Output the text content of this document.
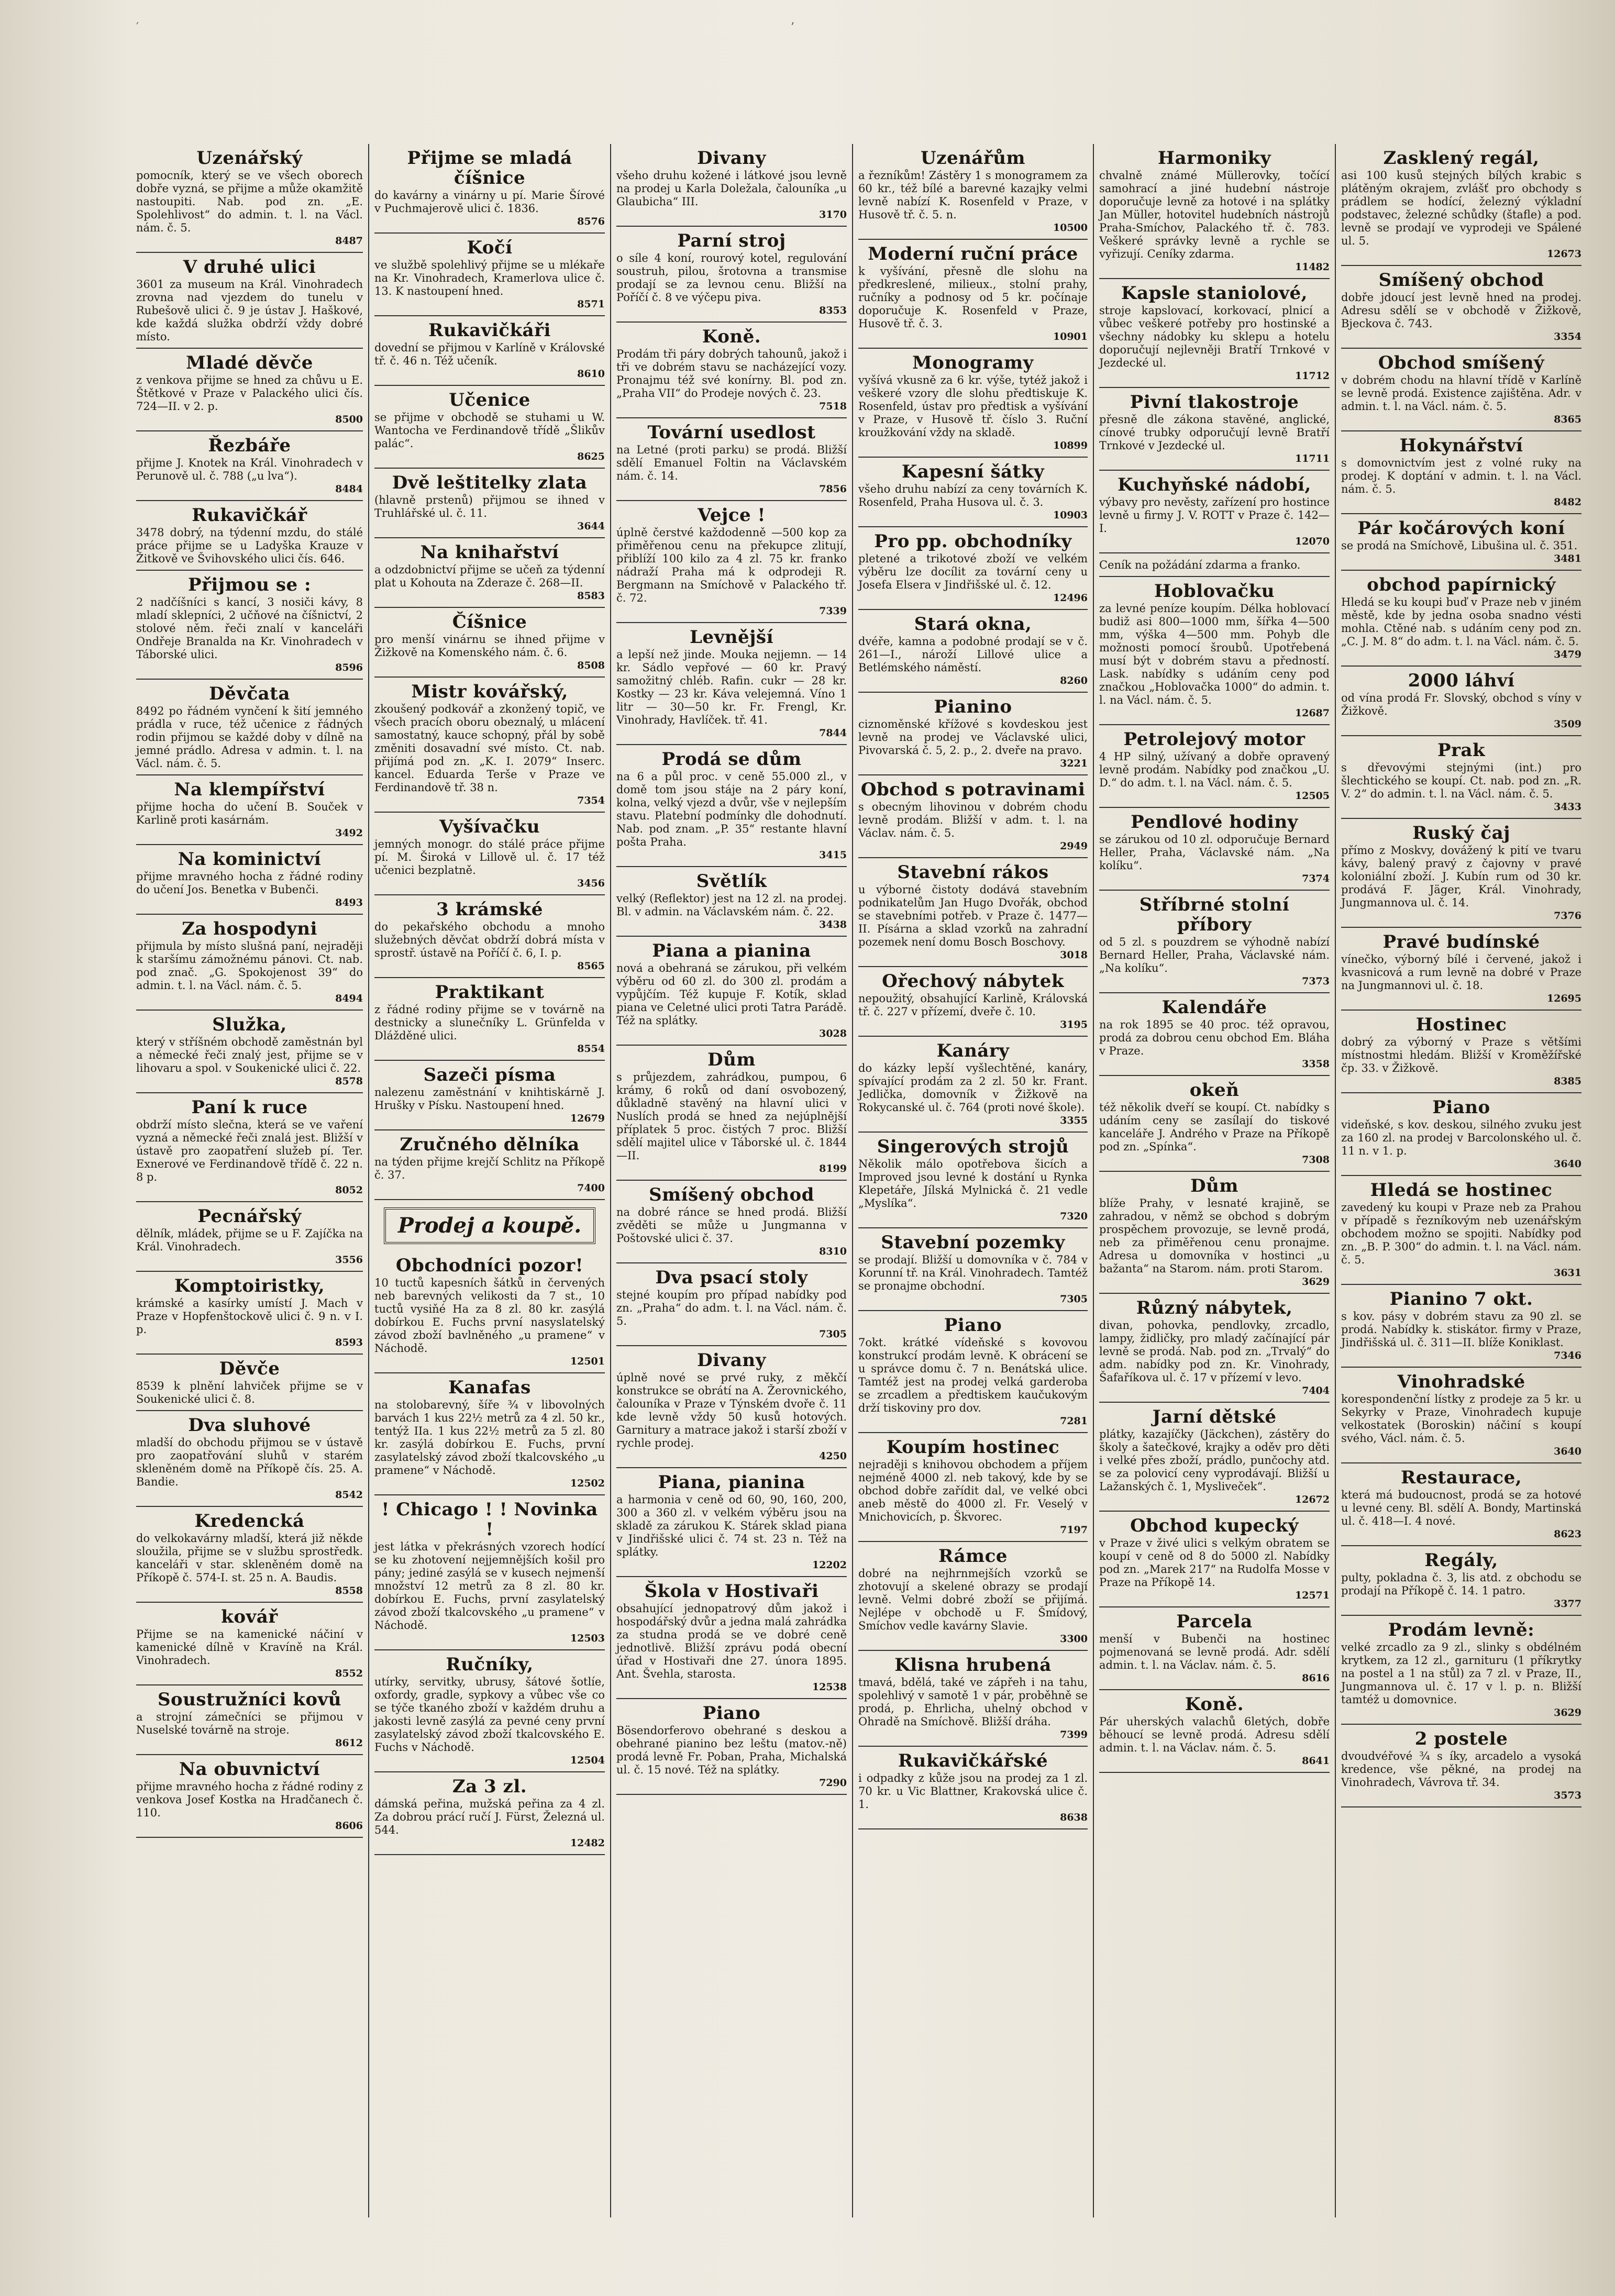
′	’
Uzenářský

pomocník, který se ve všech oborech dobře vyzná, se přijme a může okamžitě nastoupiti. Nab. pod zn. „E. Spolehlivost“ do admin. t. l. na Václ. nám. č. 5.

8487
V druhé ulici

3601 za museum na Král. Vinohradech zrovna nad vjezdem do tunelu v Rubešově ulici č. 9 je ústav J. Haškové, kde každá služka obdrží vždy dobré místo.

Mladé děvče

z venkova přijme se hned za chůvu u E. Štětkové v Praze v Palackého ulici čís. 724—II. v 2. p.

8500
Řezbáře

přijme J. Knotek na Král. Vinohradech v Perunově ul. č. 788 („u lva“).

8484
Rukavičkář

3478 dobrý, na týdenní mzdu, do stálé práce přijme se u Ladyška Krauze v Žitkově ve Švihovského ulici čís. 646.

Přijmou se :

2 nadčíšníci s kancí, 3 nosiči kávy, 8 mladí sklepníci, 2 učňové na číšnictví, 2 stolové něm. řeči znalí v kanceláři Ondřeje Branalda na Kr. Vinohradech v Táborské ulici.

8596
Děvčata

8492 po řádném vynčení k šití jemného prádla v ruce, též učenice z řádných rodin přijmou se každé doby v dílně na jemné prádlo. Adresa v admin. t. l. na Václ. nám. č. 5.

Na klempířství

přijme hocha do učení B. Souček v Karlině proti kasárnám.

3492
Na kominictví

přijme mravného hocha z řádné rodiny do učení Jos. Benetka v Bubenči.

8493
Za hospodyni

přijmula by místo slušná paní, nejraději k staršímu zámožnému pánovi. Ct. nab. pod znač. „G. Spokojenost 39“ do admin. t. l. na Václ. nám. č. 5.

8494
Služka,

který v stříšném obchodě zaměstnán byl a německé řeči znalý jest, přijme se v lihovaru a spol. v Soukenické ulici č. 22.

8578
Paní k ruce

obdrží místo slečna, která se ve vaření vyzná a německé řeči znalá jest. Bližší v ústavě pro zaopatření služeb pí. Ter. Exnerové ve Ferdinandově třídě č. 22 n. 8 p.

8052
Pecnářský

dělník, mládek, přijme se u F. Zajíčka na Král. Vinohradech.

3556
Komptoiristky,

krámské a kasírky umístí J. Mach v Praze v Hopfenštockově ulici č. 9 n. v I. p.

8593
Děvče

8539 k plnění lahviček přijme se v Soukenické ulici č. 8.

Dva sluhové

mladší do obchodu přijmou se v ústavě pro zaopatřování sluhů v starém skleněném domě na Příkopě čís. 25. A. Bandie.

8542
Kredencká

do velkokavárny mladší, která již někde sloužila, přijme se v službu sprostředk. kanceláři v star. skleněném domě na Příkopě č. 574-I. st. 25 n. A. Baudis.

8558
kovář

Přijme se na kamenické náčiní v kamenické dílně v Kravíně na Král. Vinohradech.

8552
Soustružníci kovů

a strojní zámečníci se přijmou v Nuselské továrně na stroje.

8612
Na obuvnictví

přijme mravného hocha z řádné rodiny z venkova Josef Kostka na Hradčanech č. 110.

8606
Přijme se mladá číšnice

do kavárny a vinárny u pí. Marie Šírové v Puchmajerově ulici č. 1836.

8576
Kočí

ve službě spolehlivý přijme se u mlékaře na Kr. Vinohradech, Kramerlova ulice č. 13. K nastoupení hned.

8571
Rukavičkáři

dovední se přijmou v Karlíně v Královské tř. č. 46 n. Též učeník.

8610
Učenice

se přijme v obchodě se stuhami u W. Wantocha ve Ferdinandově třídě „Šlikův palác“.

8625
Dvě leštitelky zlata

(hlavně prstenů) přijmou se ihned v Truhlářské ul. č. 11.

3644
Na knihařství

a odzdobnictví přijme se učeň za týdenní plat u Kohouta na Zderaze č. 268—II.

8583
Číšnice

pro menší vinárnu se ihned přijme v Žižkově na Komenského nám. č. 6.

8508
Mistr kovářský,

zkoušený podkovář a zkonžený topič, ve všech pracích oboru obeznalý, u mlácení samostatný, kauce schopný, přál by sobě změniti dosavadní své místo. Ct. nab. přijímá pod zn. „K. I. 2079“ Inserc. kancel. Eduarda Terše v Praze ve Ferdinandově tř. 38 n.

7354
Vyšívačku

jemných monogr. do stálé práce přijme pí. M. Široká v Lillově ul. č. 17 též učenici bezplatně.

3456
3 krámské

do pekařského obchodu a mnoho služebných děvčat obdrží dobrá místa v sprostř. ústavě na Poříčí č. 6, I. p.

8565
Praktikant

z řádné rodiny přijme se v továrně na destnicky a slunečníky L. Grünfelda v Dlážděné ulici.

8554
Sazeči písma

nalezenu zaměstnání v knihtiskárně J. Hrušky v Písku. Nastoupení hned.

12679
Zručného dělníka

na týden přijme krejčí Schlitz na Příkopě č. 37.

7400
Prodej a koupě.
Obchodníci pozor!

10 tuctů kapesních šátků in červených neb barevných velikosti da 7 st., 10 tuctů vysiňé Ha za 8 zl. 80 kr. zasýlá dobírkou E. Fuchs první nasyslatelský závod zboží bavlněného „u pramene“ v Náchodě.

12501
Kanafas

na stolobarevný, šíře ¾ v libovolných barvách 1 kus 22½ metrů za 4 zl. 50 kr., tentýž IIa. 1 kus 22½ metrů za 5 zl. 80 kr. zasýlá dobírkou E. Fuchs, první zasylatelský závod zboží tkalcovského „u pramene“ v Náchodě.

12502
! Chicago ! ! Novinka !

jest látka v překrásných vzorech hodící se ku zhotovení nejjemnějších košil pro pány; jediné zasýlá se v kusech nejmenší množství 12 metrů za 8 zl. 80 kr. dobírkou E. Fuchs, první zasylatelský závod zboží tkalcovského „u pramene“ v Náchodě.

12503
Ručníky,

utírky, servitky, ubrusy, šátové šotlíe, oxfordy, gradle, sypkovy a vůbec vše co se týče tkaného zboží v každém druhu a jakosti levně zasýlá za pevné ceny první zasylatelský závod zboží tkalcovského E. Fuchs v Náchodě.

12504
Za 3 zl.

dámská peřina, mužská peřina za 4 zl. Za dobrou prácí ručí J. Fürst, Železná ul. 544.

12482
Divany

všeho druhu kožené i látkové jsou levně na prodej u Karla Doležala, čalouníka „u Glaubicha“ III.

3170
Parní stroj

o síle 4 koní, rourový kotel, regulování soustruh, pilou, šrotovna a transmise prodají se za levnou cenu. Bližší na Poříčí č. 8 ve výčepu piva.

8353
Koně.

Prodám tři páry dobrých tahounů, jakož i tři ve dobrém stavu se nacházející vozy. Pronajmu též své konírny. Bl. pod zn. „Praha VII“ do Prodeje nových č. 23.

7518
Tovární usedlost

na Letné (proti parku) se prodá. Bližší sdělí Emanuel Foltin na Václavském nám. č. 14.

7856
Vejce !

úplně čerstvé každodenně —500 kop za přiměřenou cenu na překupce zlitují, přiblíží 100 kilo za 4 zl. 75 kr. franko nádraží Praha má k odprodeji R. Bergmann na Smíchově v Palackého tř. č. 72.

7339
Levnější

a lepší než jinde. Mouka nejjemn. — 14 kr. Sádlo vepřové — 60 kr. Pravý samožitný chléb. Rafin. cukr — 28 kr. Kostky — 23 kr. Káva velejemná. Víno 1 litr — 30—50 kr. Fr. Frengl, Kr. Vinohrady, Havlíček. tř. 41.

7844
Prodá se dům

na 6 a půl proc. v ceně 55.000 zl., v domě tom jsou stáje na 2 páry koní, kolna, velký vjezd a dvůr, vše v nejlepším stavu. Platební podmínky dle dohodnutí. Nab. pod znam. „P. 35“ restante hlavní pošta Praha.

3415
Světlík

velký (Reflektor) jest na 12 zl. na prodej. Bl. v admin. na Václavském nám. č. 22.

3438
Piana a pianina

nová a obehraná se zárukou, při velkém výběru od 60 zl. do 300 zl. prodám a vypůjčím. Též kupuje F. Kotík, sklad piana ve Celetné ulici proti Tatra Parádě. Též na splátky.

3028
Dům

s průjezdem, zahrádkou, pumpou, 6 krámy, 6 roků od daní osvobozený, důkladně stavěný na hlavní ulici v Nuslích prodá se hned za nejúplnější příplatek 5 proc. čistých 7 proc. Bližší sdělí majitel ulice v Táborské ul. č. 1844—II.

8199
Smíšený obchod

na dobré ránce se hned prodá. Bližší zvěděti se může u Jungmanna v Poštovské ulici č. 37.

8310
Dva psací stoly

stejné koupím pro případ nabídky pod zn. „Praha“ do adm. t. l. na Václ. nám. č. 5.

7305
Divany

úplně nové se prvé ruky, z měkčí konstrukce se obrátí na A. Žerovnického, čalouníka v Praze v Týnském dvoře č. 11 kde levně vždy 50 kusů hotových. Garnitury a matrace jakož i starší zboží v rychle prodej.

4250
Piana, pianina

a harmonia v ceně od 60, 90, 160, 200, 300 a 360 zl. v velkém výběru jsou na skladě za zárukou K. Stárek sklad piana v Jindřišské ulici č. 74 st. 23 n. Též na splátky.

12202
Škola v Hostivaři

obsahující jednopatrový dům jakož i hospodářský dvůr a jedna malá zahrádka za studna prodá se ve dobré ceně jednotlivě. Bližší zprávu podá obecní úřad v Hostivaři dne 27. února 1895. Ant. Švehla, starosta.

12538
Piano

Bösendorferovo obehrané s deskou a obehrané pianino bez leštu (matov.-ně) prodá levně Fr. Poban, Praha, Michalská ul. č. 15 nové. Též na splátky.

7290
Uzenářům

a řezníkům! Zástěry 1 s monogramem za 60 kr., též bílé a barevné kazajky velmi levně nabízí K. Rosenfeld v Praze, v Husově tř. č. 5. n.

10500
Moderní ruční práce

k vyšívání, přesně dle slohu na předkreslené, milieux., stolní prahy, ručníky a podnosy od 5 kr. počínaje doporučuje K. Rosenfeld v Praze, Husově tř. č. 3.

10901
Monogramy

vyšívá vkusně za 6 kr. výše, tytéž jakož i veškeré vzory dle slohu předtiskuje K. Rosenfeld, ústav pro předtisk a vyšívání v Praze, v Husově tř. číslo 3. Ruční kroužkování vždy na skladě.

10899
Kapesní šátky

všeho druhu nabízí za ceny továrních K. Rosenfeld, Praha Husova ul. č. 3.

10903
Pro pp. obchodníky

pletené a trikotové zboží ve velkém výběru lze docílit za tovární ceny u Josefa Elsera v Jindřišské ul. č. 12.

12496
Stará okna,

dvéře, kamna a podobné prodají se v č. 261—I., nároží Lillové ulice a Betlémského náměstí.

8260
Pianino

ciznoměnské křížové s kovdeskou jest levně na prodej ve Václavské ulici, Pivovarská č. 5, 2. p., 2. dveře na pravo.

3221
Obchod s potravinami

s obecným lihovinou v dobrém chodu levně prodám. Bližší v adm. t. l. na Václav. nám. č. 5.

2949
Stavební rákos

u výborné čistoty dodává stavebním podnikatelům Jan Hugo Dvořák, obchod se stavebními potřeb. v Praze č. 1477—II. Písárna a sklad vzorků na zahradní pozemek není domu Bosch Boschovy.

3018
Ořechový nábytek

nepoužitý, obsahující Karlině, Královská tř. č. 227 v přízemí, dveře č. 10.

3195
Kanáry

do kázky lepší vyšlechtěné, kanáry, spívající prodám za 2 zl. 50 kr. Frant. Jedlička, domovník v Žižkově na Rokycanské ul. č. 764 (proti nové škole).

3355
Singerových strojů

Několik málo opotřebova šicích a Improved jsou levné k dostání u Rynka Klepetáře, Jílská Mylnická č. 21 vedle „Myslíka“.

7320
Stavební pozemky

se prodají. Bližší u domovníka v č. 784 v Korunní tř. na Král. Vinohradech. Tamtéž se pronajme obchodní.

7305
Piano

7okt. krátké vídeňské s kovovou konstrukcí prodám levně. K obrácení se u správce domu č. 7 n. Benátská ulice. Tamtéž jest na prodej velká garderoba se zrcadlem a předtiskem kaučukovým drží tiskoviny pro dov.

7281
Koupím hostinec

nejraději s knihovou obchodem a příjem nejméně 4000 zl. neb takový, kde by se obchod dobře zařídit dal, ve velké obci aneb městě do 4000 zl. Fr. Veselý v Mnichovicích, p. Škvorec.

7197
Rámce

dobré na nejhrnmejších vzorků se zhotovují a skelené obrazy se prodají levně. Velmi dobré zboží se přijímá. Nejlépe v obchodě u F. Šmídový, Smíchov vedle kavárny Slavie.

3300
Klisna hrubená

tmavá, bdělá, také ve zápřeh i na tahu, spolehlivý v samotě 1 v pár, proběhně se prodá, p. Ehrlicha, uhelný obchod v Ohradě na Smíchově. Bližší dráha.

7399
Rukavičkářské

i odpadky z kůže jsou na prodej za 1 zl. 70 kr. u Vic Blattner, Krakovská ulice č. 1.

8638
Harmoniky

chvalně známé Müllerovky, točící samohrací a jiné hudební nástroje doporučuje levně za hotové i na splátky Jan Müller, hotovitel hudebních nástrojů Praha-Smíchov, Palackého tř. č. 783. Veškeré správky levně a rychle se vyřizují. Ceníky zdarma.

11482
Kapsle staniolové,

stroje kapslovací, korkovací, plnicí a vůbec veškeré potřeby pro hostinské a všechny nádobky ku sklepu a hotelu doporučují nejlevněji Bratří Trnkové v Jezdecké ul.

11712
Pivní tlakostroje

přesně dle zákona stavěné, anglické, cínové trubky odporučují levně Bratří Trnkové v Jezdecké ul.

11711
Kuchyňské nádobí,

výbavy pro nevěsty, zařízení pro hostince levně u firmy J. V. ROTT v Praze č. 142—I.

12070

Ceník na požádání zdarma a franko.

Hoblovačku

za levné peníze koupím. Délka hoblovací budiž asi 800—1000 mm, šířka 4—500 mm, výška 4—500 mm. Pohyb dle možnosti pomocí šroubů. Upotřebená musí být v dobrém stavu a předností. Lask. nabídky s udáním ceny pod značkou „Hoblovačka 1000“ do admin. t. l. na Václ. nám. č. 5.

12687
Petrolejový motor

4 HP silný, užívaný a dobře opravený levně prodám. Nabídky pod značkou „U. D.“ do adm. t. l. na Václ. nám. č. 5.

12505
Pendlové hodiny

se zárukou od 10 zl. odporučuje Bernard Heller, Praha, Václavské nám. „Na kolíku“.

7374
Stříbrné stolní příbory

od 5 zl. s pouzdrem se výhodně nabízí Bernard Heller, Praha, Václavské nám. „Na kolíku“.

7373
Kalendáře

na rok 1895 se 40 proc. též opravou, prodá za dobrou cenu obchod Em. Bláha v Praze.

3358
okeň

též několik dveří se koupí. Ct. nabídky s udáním ceny se zasílají do tiskové kanceláře J. Andrého v Praze na Příkopě pod zn. „Spínka“.

7308
Dům

blíže Prahy, v lesnaté krajině, se zahradou, v němž se obchod s dobrým prospěchem provozuje, se levně prodá, neb za přiměřenou cenu pronajme. Adresa u domovníka v hostinci „u bažanta“ na Starom. nám. proti Starom.

3629
Různý nábytek,

divan, pohovka, pendlovky, zrcadlo, lampy, židličky, pro mladý začínající pár levně se prodá. Nab. pod zn. „Trvalý“ do adm. nabídky pod zn. Kr. Vinohrady, Šafaříkova ul. č. 17 v přízemí v levo.

7404
Jarní dětské

plátky, kazajíčky (Jäckchen), zástěry do školy a šatečkové, krajky a oděv pro děti i velké přes zboží, prádlo, punčochy atd. se za polovicí ceny vyprodávají. Bližší u Lažanských č. 1, Mysliveček“.

12672
Obchod kupecký

v Praze v živé ulici s velkým obratem se koupí v ceně od 8 do 5000 zl. Nabídky pod zn. „Marek 217“ na Rudolfa Mosse v Praze na Příkopě 14.

12571
Parcela

menší v Bubenči na hostinec pojmenovaná se levně prodá. Adr. sdělí admin. t. l. na Václav. nám. č. 5.

8616
Koně.

Pár uherských valachů 6letých, dobře běhoucí se levně prodá. Adresu sdělí admin. t. l. na Václav. nám. č. 5.

8641
Zasklený regál,

asi 100 kusů stejných bílých krabic s plátěným okrajem, zvlášť pro obchody s prádlem se hodící, železný výkladní podstavec, železné schůdky (štafle) a pod. levně se prodají ve vyprodeji ve Spálené ul. 5.

12673
Smíšený obchod

dobře jdoucí jest levně hned na prodej. Adresu sdělí se v obchodě v Žižkově, Bjeckova č. 743.

3354
Obchod smíšený

v dobrém chodu na hlavní třídě v Karlíně se levně prodá. Existence zajištěna. Adr. v admin. t. l. na Václ. nám. č. 5.

8365
Hokynářství

s domovnictvím jest z volné ruky na prodej. K doptání v admin. t. l. na Václ. nám. č. 5.

8482
Pár kočárových koní

se prodá na Smíchově, Libušina ul. č. 351.

3481
obchod papírnický

Hledá se ku koupi buď v Praze neb v jiném městě, kde by jedna osoba snadno vésti mohla. Ctěné nab. s udáním ceny pod zn. „C. J. M. 8“ do adm. t. l. na Václ. nám. č. 5.

3479
2000 láhví

od vína prodá Fr. Slovský, obchod s víny v Žižkově.

3509
Prak

s dřevovými stejnými (int.) pro šlechtického se koupí. Ct. nab. pod zn. „R. V. 2“ do admin. t. l. na Václ. nám. č. 5.

3433
Ruský čaj

přímo z Moskvy, dovážený k pití ve tvaru kávy, balený pravý z čajovny v pravé koloniální zboží. J. Kubín rum od 30 kr. prodává F. Jäger, Král. Vinohrady, Jungmannova ul. č. 14.

7376
Pravé budínské

vínečko, výborný bílé i červené, jakož i kvasnicová a rum levně na dobré v Praze na Jungmannovi ul. č. 18.

12695
Hostinec

dobrý za výborný v Praze s většími místnostmi hledám. Bližší v Kroměžířské čp. 33. v Žižkově.

8385
Piano

videňské, s kov. deskou, silného zvuku jest za 160 zl. na prodej v Barcolonského ul. č. 11 n. v 1. p.

3640
Hledá se hostinec

zavedený ku koupi v Praze neb za Prahou v případě s řezníkovým neb uzenářským obchodem možno se spojiti. Nabídky pod zn. „B. P. 300“ do admin. t. l. na Václ. nám. č. 5.

3631
Pianino 7 okt.

s kov. pásy v dobrém stavu za 90 zl. se prodá. Nabídky k. stiskátor. firmy v Praze, Jindřišská ul. č. 311—II. blíže Koniklast.

7346
Vinohradské

korespondenční lístky z prodeje za 5 kr. u Sekyrky v Praze, Vinohradech kupuje velkostatek (Boroskin) náčiní s koupí svého, Václ. nám. č. 5.

3640
Restaurace,

která má budoucnost, prodá se za hotové u levné ceny. Bl. sdělí A. Bondy, Martinská ul. č. 418—I. 4 nové.

8623
Regály,

pulty, pokladna č. 3, lis atd. z obchodu se prodají na Příkopě č. 14. 1 patro.

3377
Prodám levně:

velké zrcadlo za 9 zl., slinky s obdélném krytkem, za 12 zl., garnituru (1 příkrytky na postel a 1 na stůl) za 7 zl. v Praze, II., Jungmannova ul. č. 17 v l. p. n. Bližší tamtéž u domovnice.

3629
2 postele

dvoudvéřové ¾ s íky, arcadelo a vysoká kredence, vše pěkné, na prodej na Vinohradech, Vávrova tř. 34.

3573
